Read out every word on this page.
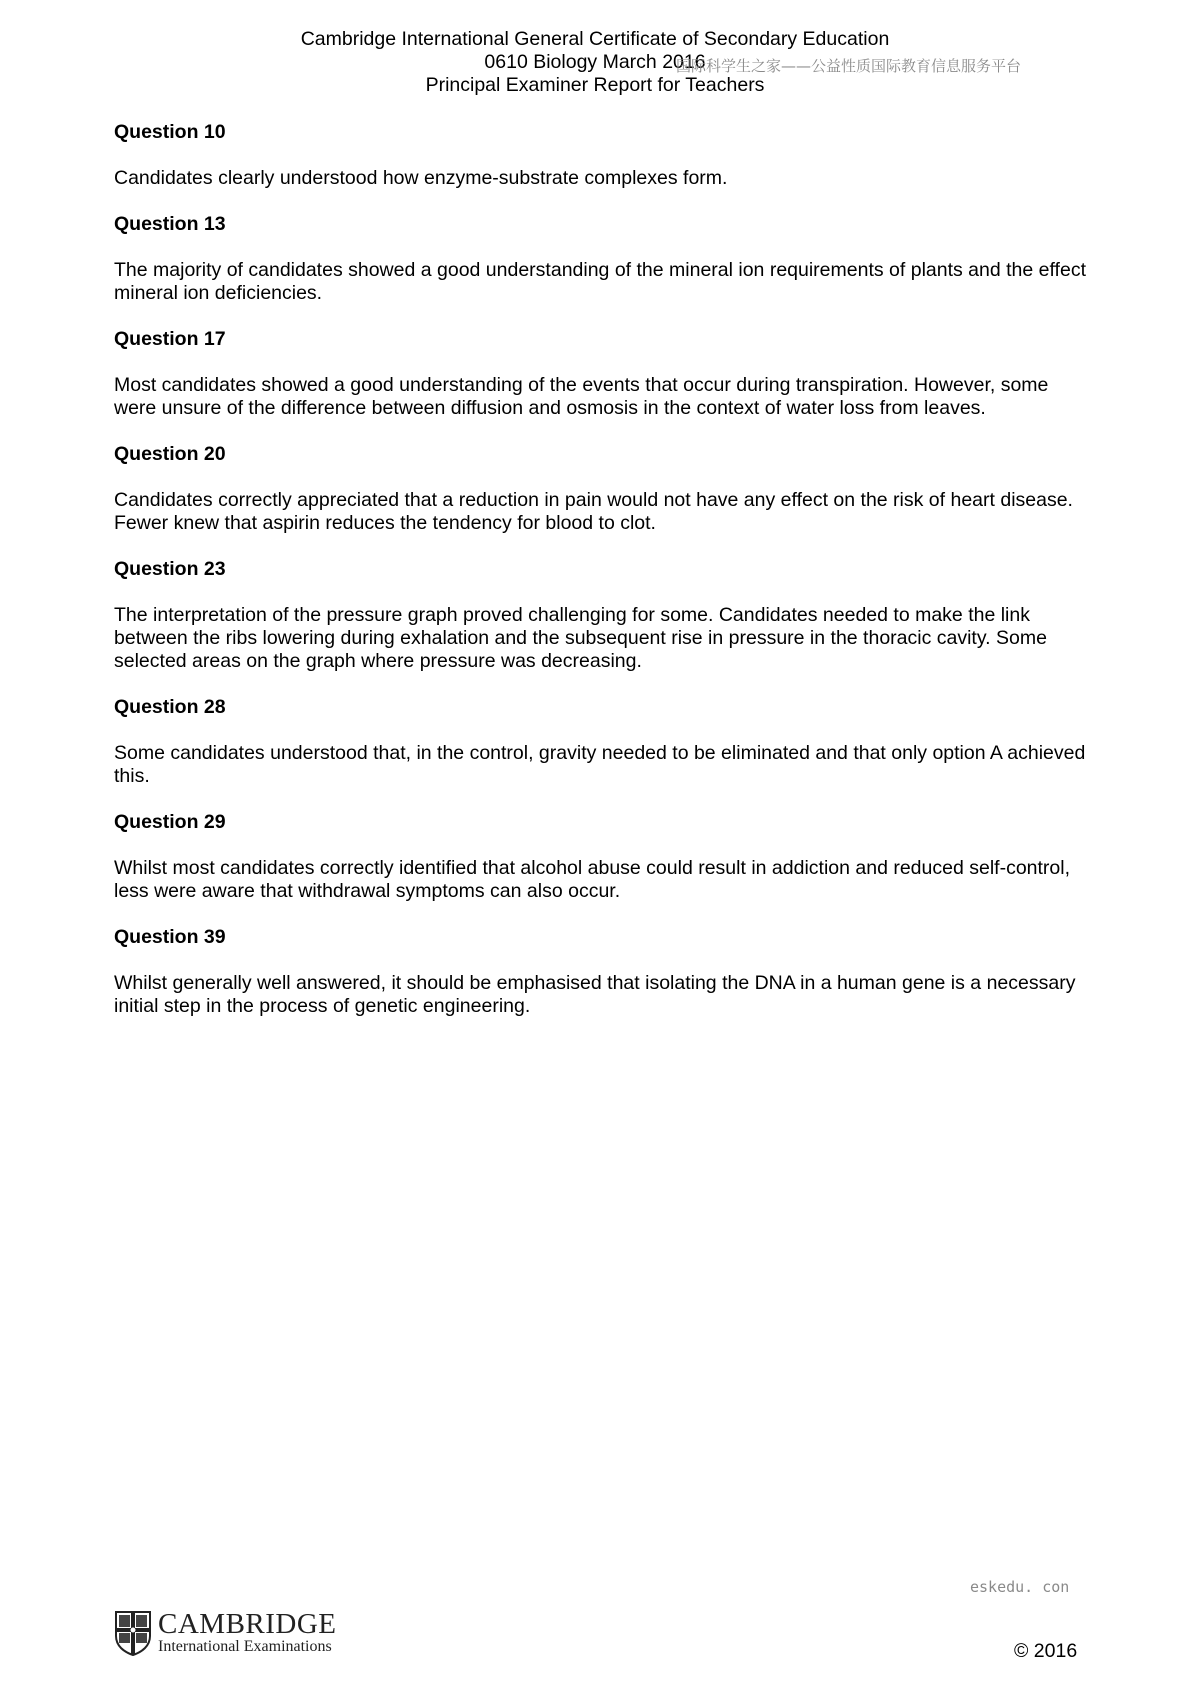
Cambridge International General Certificate of Secondary Education
0610 Biology March 2016
Principal Examiner Report for Teachers
国际科学生之家——公益性质国际教育信息服务平台
Question 10

Candidates clearly understood how enzyme-substrate complexes form.

Question 13

The majority of candidates showed a good understanding of the mineral ion requirements of plants and the effect mineral ion deficiencies.

Question 17

Most candidates showed a good understanding of the events that occur during transpiration. However, some were unsure of the difference between diffusion and osmosis in the context of water loss from leaves.

Question 20

Candidates correctly appreciated that a reduction in pain would not have any effect on the risk of heart disease. Fewer knew that aspirin reduces the tendency for blood to clot.

Question 23

The interpretation of the pressure graph proved challenging for some. Candidates needed to make the link between the ribs lowering during exhalation and the subsequent rise in pressure in the thoracic cavity. Some selected areas on the graph where pressure was decreasing.

Question 28

Some candidates understood that, in the control, gravity needed to be eliminated and that only option A achieved this.

Question 29

Whilst most candidates correctly identified that alcohol abuse could result in addiction and reduced self-control, less were aware that withdrawal symptoms can also occur.

Question 39

Whilst generally well answered, it should be emphasised that isolating the DNA in a human gene is a necessary initial step in the process of genetic engineering.

eskedu. con
CAMBRIDGE
International Examinations	© 2016
